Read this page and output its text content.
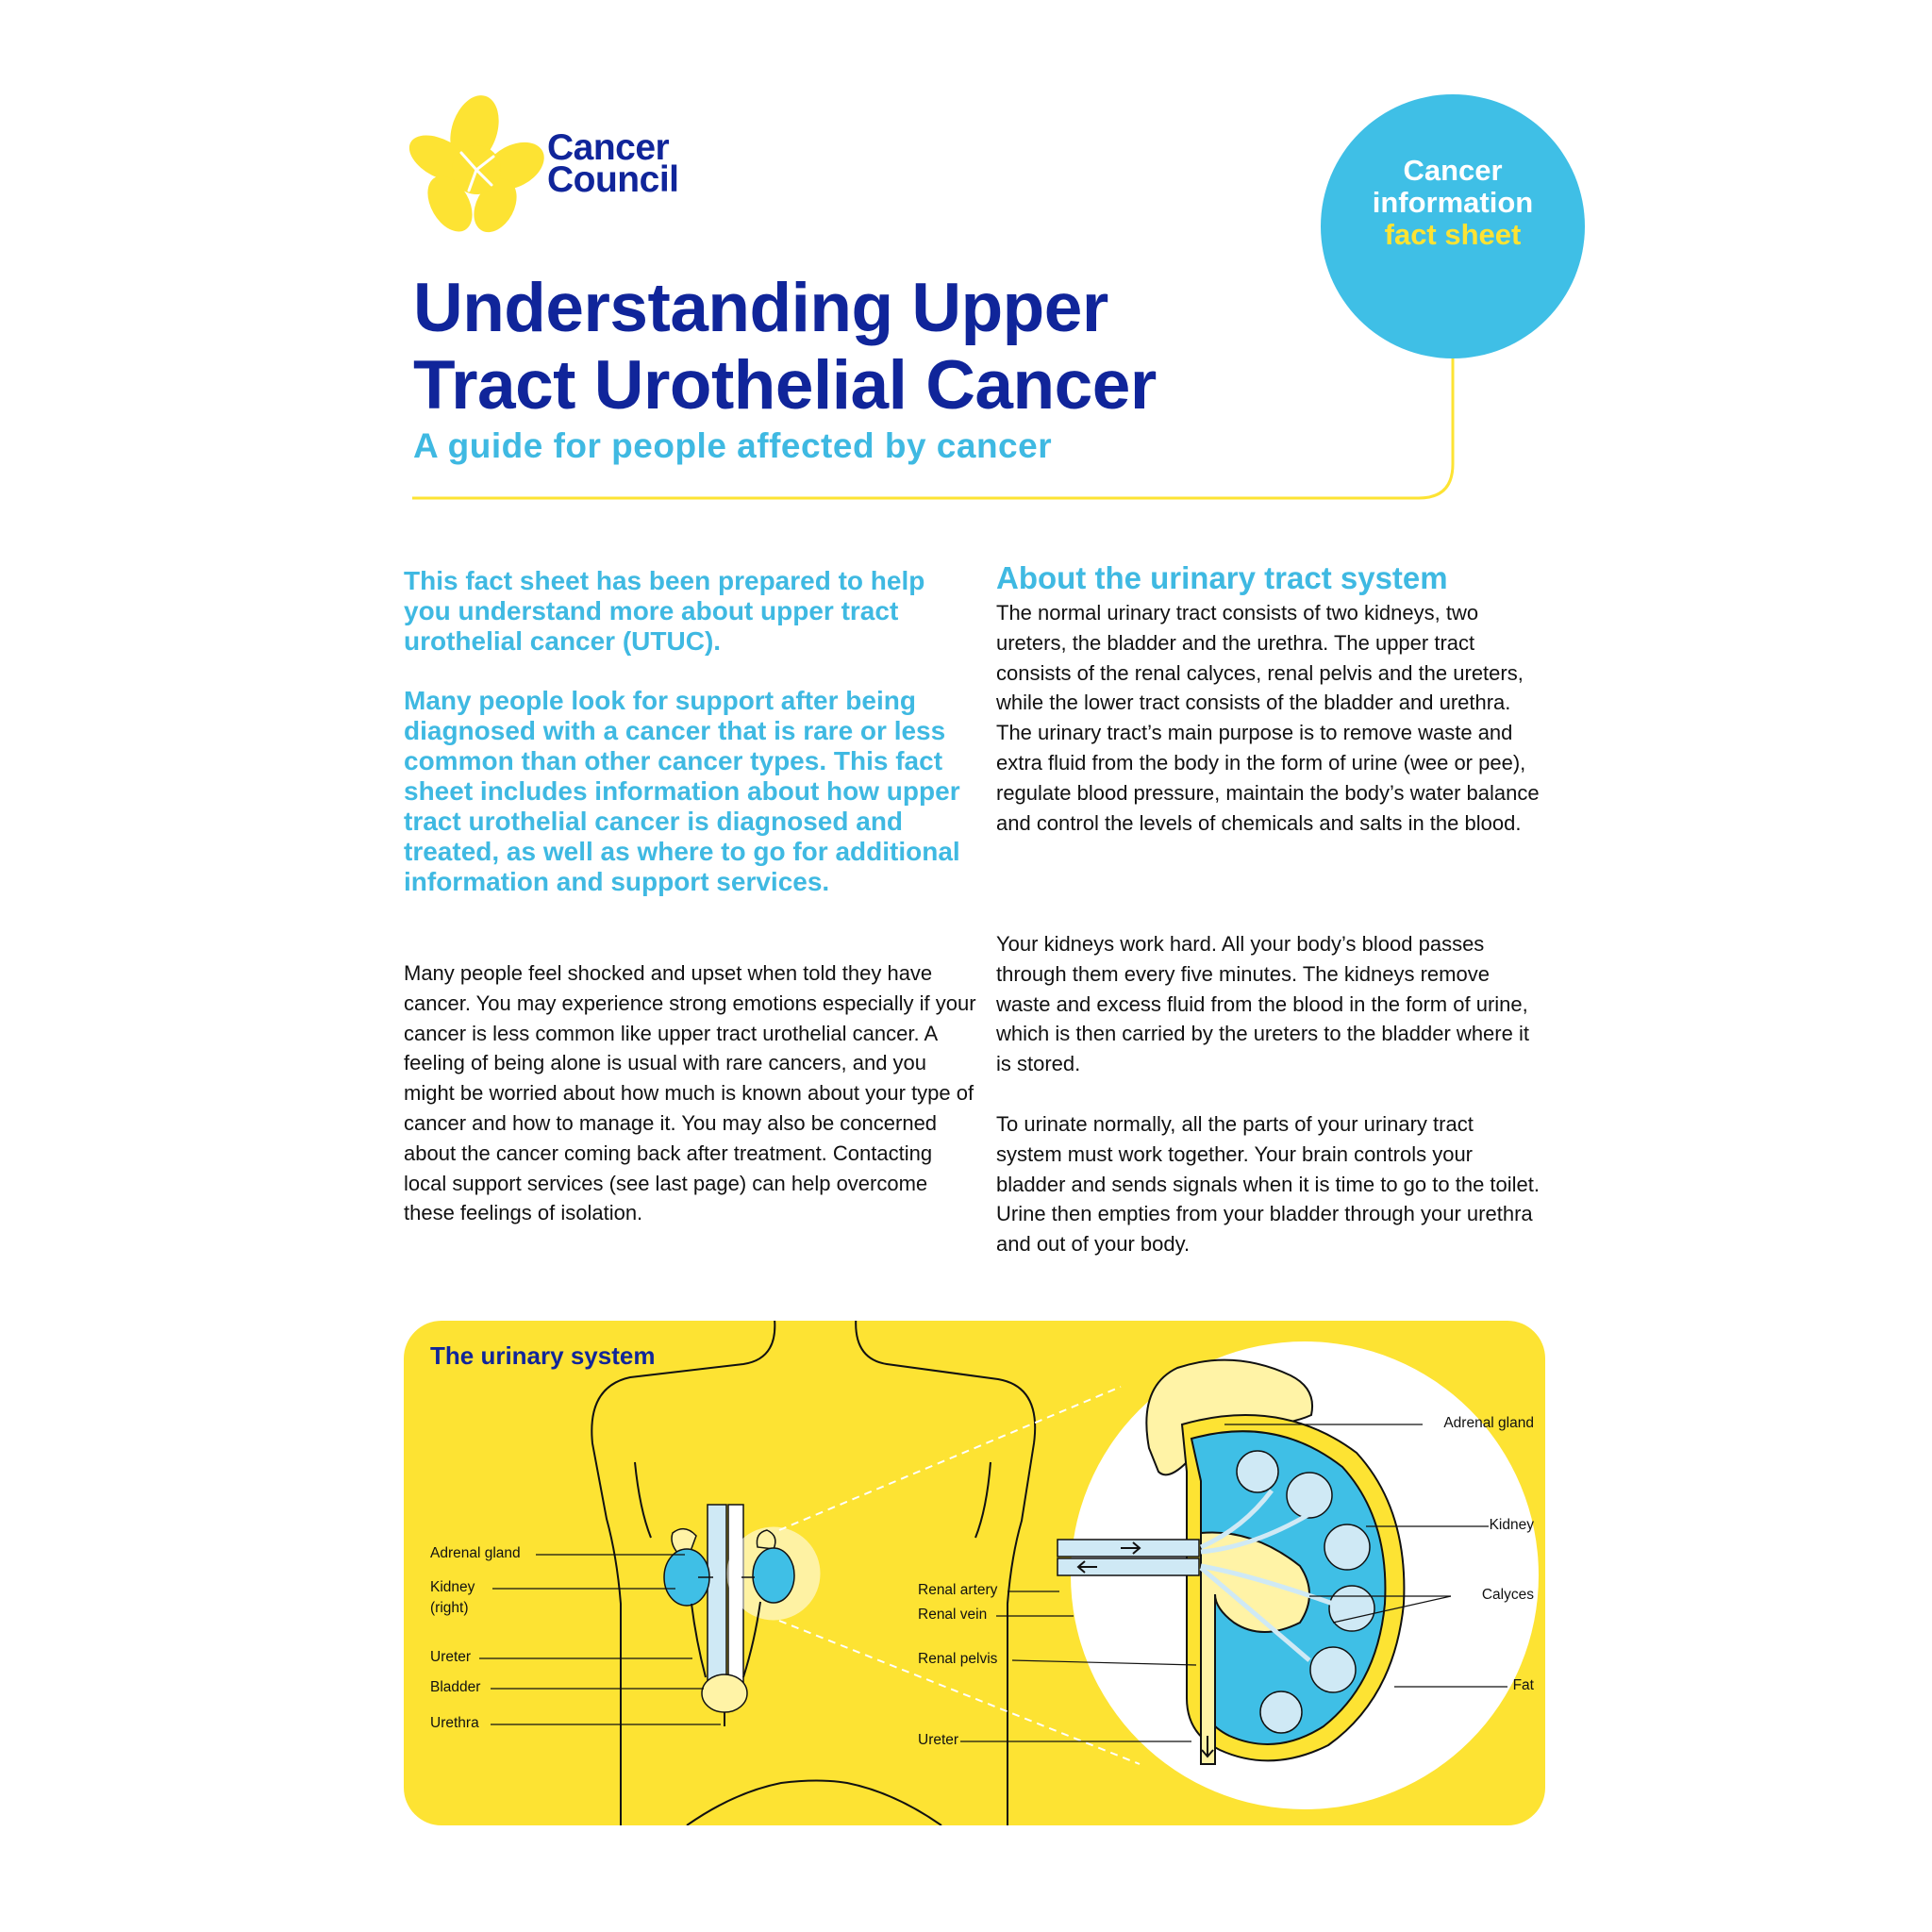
Cancer
Council	Cancer
information
fact sheet
Understanding Upper
Tract Urothelial Cancer
A guide for people affected by cancer
This fact sheet has been prepared to help you understand more about upper tract urothelial cancer (UTUC).
Many people look for support after being diagnosed with a cancer that is rare or less common than other cancer types. This fact sheet includes information about how upper tract urothelial cancer is diagnosed and treated, as well as where to go for additional information and support services.
Many people feel shocked and upset when told they have cancer. You may experience strong emotions especially if your cancer is less common like upper tract urothelial cancer. A feeling of being alone is usual with rare cancers, and you might be worried about how much is known about your type of cancer and how to manage it. You may also be concerned about the cancer coming back after treatment. Contacting local support services (see last page) can help overcome these feelings of isolation.
About the urinary tract system
The normal urinary tract consists of two kidneys, two ureters, the bladder and the urethra. The upper tract consists of the renal calyces, renal pelvis and the ureters, while the lower tract consists of the bladder and urethra. The urinary tract’s main purpose is to remove waste and extra fluid from the body in the form of urine (wee or pee), regulate blood pressure, maintain the body’s water balance and control the levels of chemicals and salts in the blood.
Your kidneys work hard. All your body’s blood passes through them every five minutes. The kidneys remove waste and excess fluid from the blood in the form of urine, which is then carried by the ureters to the bladder where it is stored.
To urinate normally, all the parts of your urinary tract system must work together. Your brain controls your bladder and sends signals when it is time to go to the toilet. Urine then empties from your bladder through your urethra and out of your body.
The urinary system
Adrenal gland
Kidney
(right)
Ureter
Bladder
Urethra
Renal artery
Renal vein
Renal pelvis
Ureter
Adrenal gland
Kidney
Calyces
Fat
